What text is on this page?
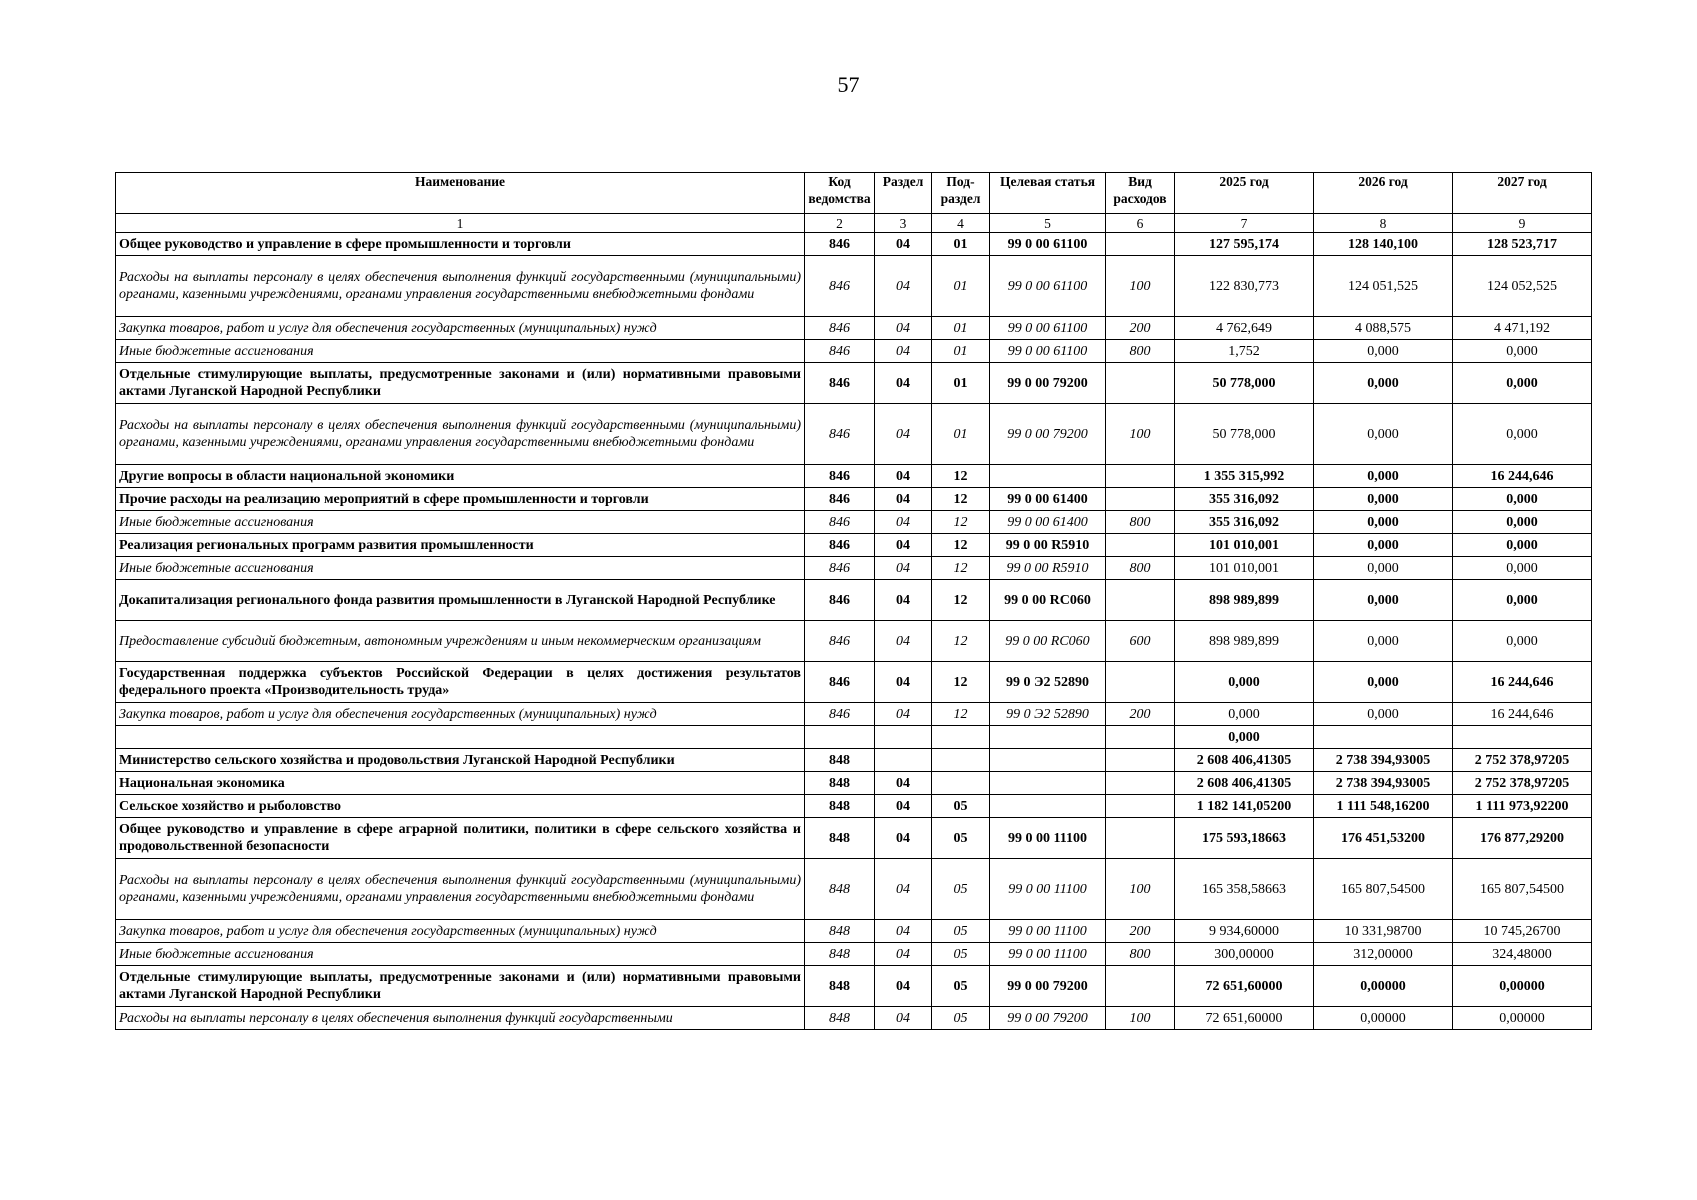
57
Наименование	Код ведомства	Раздел	Под-раздел	Целевая статья	Вид расходов	2025 год	2026 год	2027 год
1	2	3	4	5	6	7	8	9
Общее руководство и управление в сфере промышленности и торговли	846	04	01	99 0 00 61100		127 595,174	128 140,100	128 523,717
Расходы на выплаты персоналу в целях обеспечения выполнения функций государственными (муниципальными) органами, казенными учреждениями, органами управления государственными внебюджетными фондами	846	04	01	99 0 00 61100	100	122 830,773	124 051,525	124 052,525
Закупка товаров, работ и услуг для обеспечения государственных (муниципальных) нужд	846	04	01	99 0 00 61100	200	4 762,649	4 088,575	4 471,192
Иные бюджетные ассигнования	846	04	01	99 0 00 61100	800	1,752	0,000	0,000
Отдельные стимулирующие выплаты, предусмотренные законами и (или) нормативными правовыми актами Луганской Народной Республики	846	04	01	99 0 00 79200		50 778,000	0,000	0,000
Расходы на выплаты персоналу в целях обеспечения выполнения функций государственными (муниципальными) органами, казенными учреждениями, органами управления государственными внебюджетными фондами	846	04	01	99 0 00 79200	100	50 778,000	0,000	0,000
Другие вопросы в области национальной экономики	846	04	12			1 355 315,992	0,000	16 244,646
Прочие расходы на реализацию мероприятий в сфере промышленности и торговли	846	04	12	99 0 00 61400		355 316,092	0,000	0,000
Иные бюджетные ассигнования	846	04	12	99 0 00 61400	800	355 316,092	0,000	0,000
Реализация региональных программ развития промышленности	846	04	12	99 0 00 R5910		101 010,001	0,000	0,000
Иные бюджетные ассигнования	846	04	12	99 0 00 R5910	800	101 010,001	0,000	0,000
Докапитализация регионального фонда развития промышленности в Луганской Народной Республике	846	04	12	99 0 00 RC060		898 989,899	0,000	0,000
Предоставление субсидий бюджетным, автономным учреждениям и иным некоммерческим организациям	846	04	12	99 0 00 RC060	600	898 989,899	0,000	0,000
Государственная поддержка субъектов Российской Федерации в целях достижения результатов федерального проекта «Производительность труда»	846	04	12	99 0 Э2 52890		0,000	0,000	16 244,646
Закупка товаров, работ и услуг для обеспечения государственных (муниципальных) нужд	846	04	12	99 0 Э2 52890	200	0,000	0,000	16 244,646
						0,000		
Министерство сельского хозяйства и продовольствия Луганской Народной Республики	848					2 608 406,41305	2 738 394,93005	2 752 378,97205
Национальная экономика	848	04				2 608 406,41305	2 738 394,93005	2 752 378,97205
Сельское хозяйство и рыболовство	848	04	05			1 182 141,05200	1 111 548,16200	1 111 973,92200
Общее руководство и управление в сфере аграрной политики, политики в сфере сельского хозяйства и продовольственной безопасности	848	04	05	99 0 00 11100		175 593,18663	176 451,53200	176 877,29200
Расходы на выплаты персоналу в целях обеспечения выполнения функций государственными (муниципальными) органами, казенными учреждениями, органами управления государственными внебюджетными фондами	848	04	05	99 0 00 11100	100	165 358,58663	165 807,54500	165 807,54500
Закупка товаров, работ и услуг для обеспечения государственных (муниципальных) нужд	848	04	05	99 0 00 11100	200	9 934,60000	10 331,98700	10 745,26700
Иные бюджетные ассигнования	848	04	05	99 0 00 11100	800	300,00000	312,00000	324,48000
Отдельные стимулирующие выплаты, предусмотренные законами и (или) нормативными правовыми актами Луганской Народной Республики	848	04	05	99 0 00 79200		72 651,60000	0,00000	0,00000
Расходы на выплаты персоналу в целях обеспечения выполнения функций государственными	848	04	05	99 0 00 79200	100	72 651,60000	0,00000	0,00000
